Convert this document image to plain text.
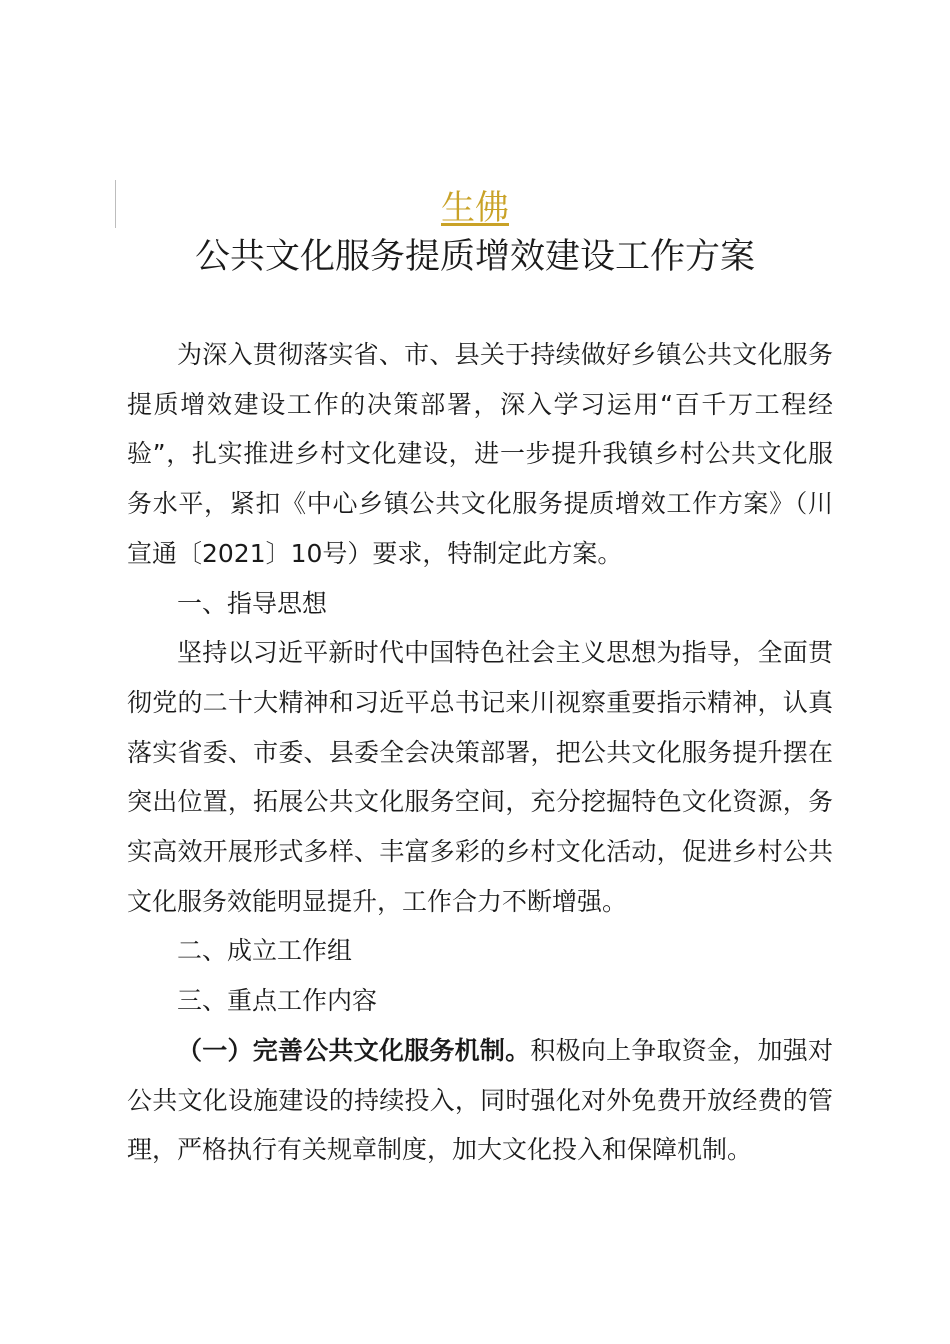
生佛
公共文化服务提质增效建设工作方案

为深入贯彻落实省、市、县关于持续做好乡镇公共文化服务提质增效建设工作的决策部署，深入学习运用“百千万工程经验”，扎实推进乡村文化建设，进一步提升我镇乡村公共文化服务水平，紧扣《中心乡镇公共文化服务提质增效工作方案》（川宣通〔2021〕10号）要求，特制定此方案。

一、指导思想

坚持以习近平新时代中国特色社会主义思想为指导，全面贯彻党的二十大精神和习近平总书记来川视察重要指示精神，认真落实省委、市委、县委全会决策部署，把公共文化服务提升摆在突出位置，拓展公共文化服务空间，充分挖掘特色文化资源，务实高效开展形式多样、丰富多彩的乡村文化活动，促进乡村公共文化服务效能明显提升，工作合力不断增强。

二、成立工作组

三、重点工作内容

（一）完善公共文化服务机制。积极向上争取资金，加强对公共文化设施建设的持续投入，同时强化对外免费开放经费的管理，严格执行有关规章制度，加大文化投入和保障机制。
